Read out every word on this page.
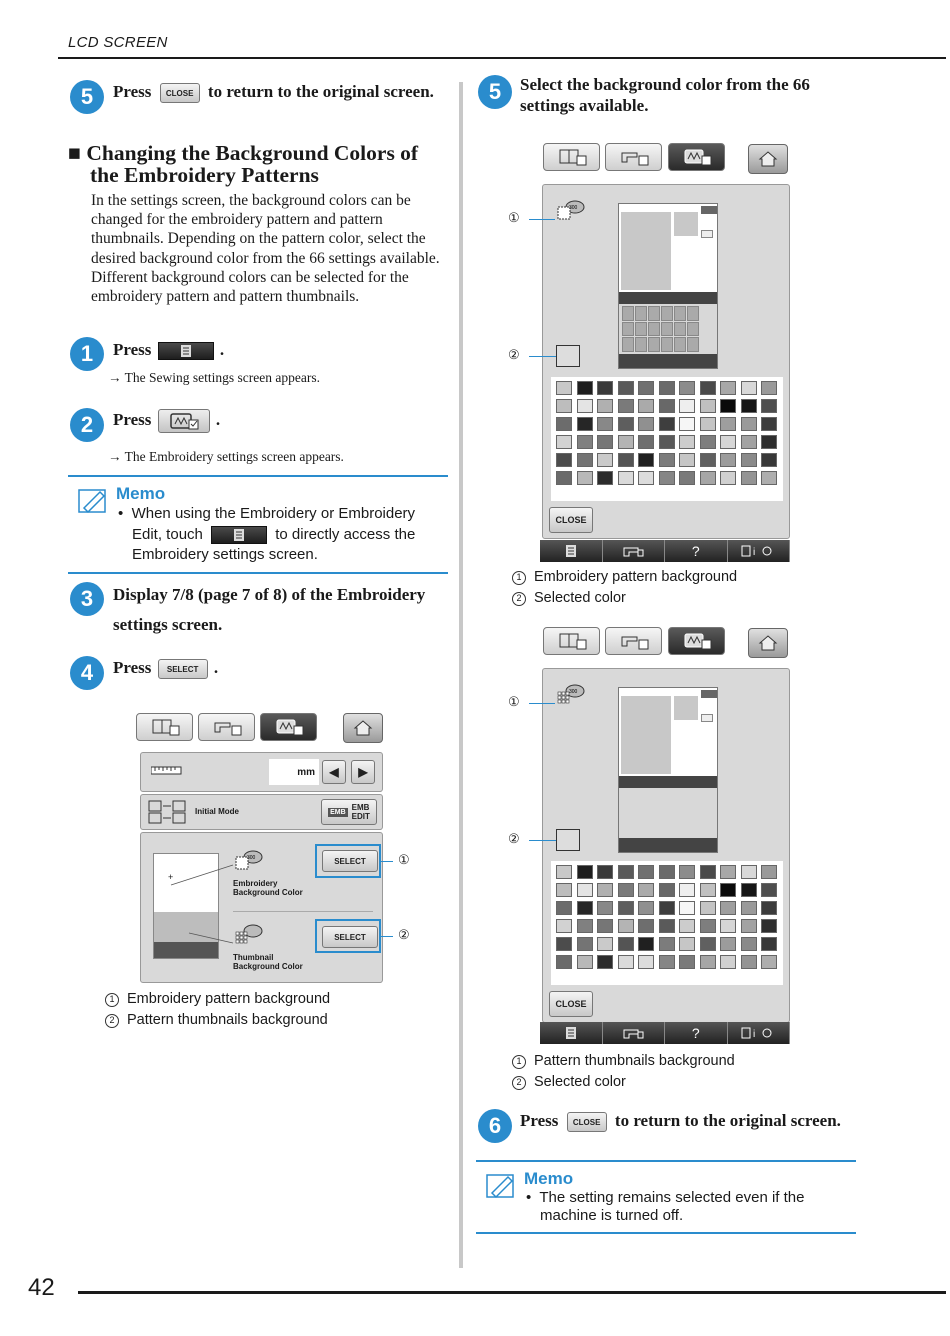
LCD SCREEN
5	Press CLOSE to return to the original screen.
■ Changing the Background Colors of
the Embroidery Patterns
In the settings screen, the background colors can be changed for the embroidery pattern and pattern thumbnails. Depending on the pattern color, select the desired background color from the 66 settings available. Different background colors can be selected for the embroidery pattern and pattern thumbnails.
1	Press	.
→ The Sewing settings screen appears.
2	Press	.
→ The Embroidery settings screen appears.
Memo
•  When using the Embroidery or Embroidery
Edit, touch	to directly access the
Embroidery settings screen.
3	Display 7/8 (page 7 of 8) of the Embroidery
settings screen.
4	Press SELECT .
mm	◀	▶
Initial Mode	EMB EMB
EDIT
+
300
Embroidery
Background Color
SELECT
Thumbnail
Background Color
SELECT
①
②
1 Embroidery pattern background
2 Pattern thumbnails background
5	Select the background color from the 66
settings available.
300
CLOSE
?	i
①
②
1 Embroidery pattern background
2 Selected color
300
CLOSE
?	i
①
②
1 Pattern thumbnails background
2 Selected color
6	Press CLOSE to return to the original screen.
Memo
•  The setting remains selected even if the
machine is turned off.
42
